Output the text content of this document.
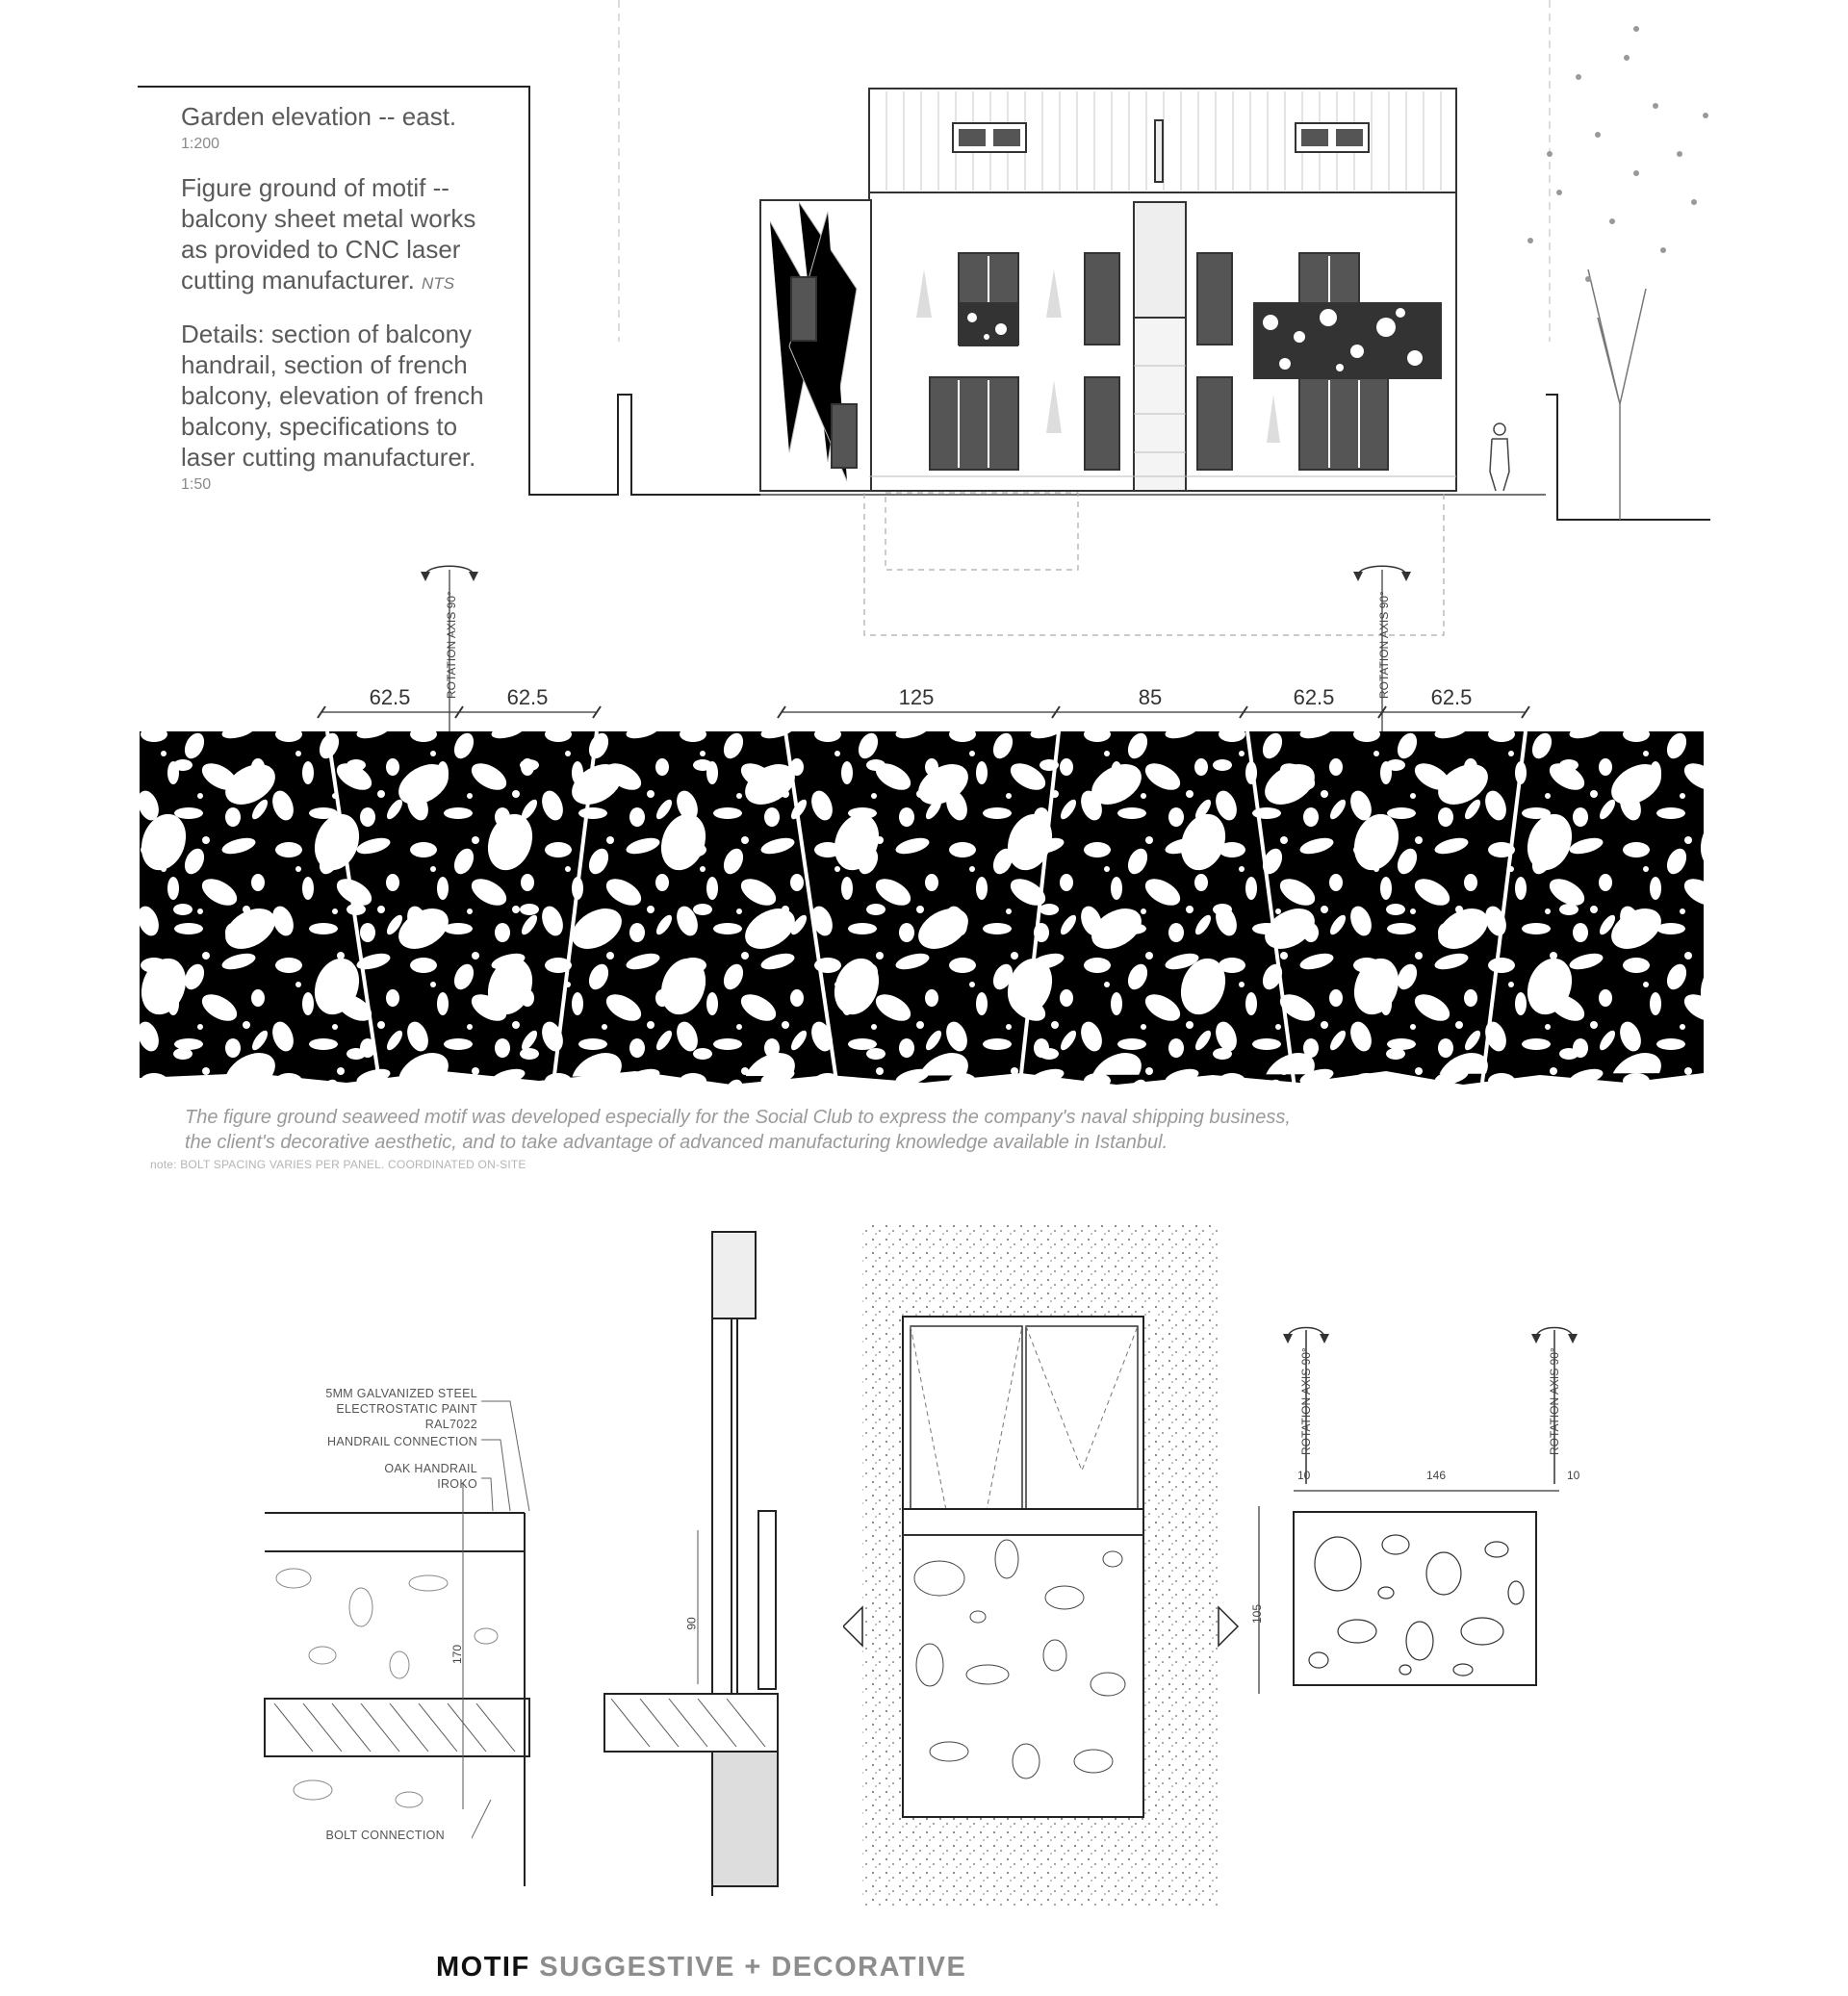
Garden elevation -- east.

1:200

Figure ground of motif --

balcony sheet metal works

as provided to CNC laser

cutting manufacturer. NTS

Details: section of balcony

handrail, section of french

balcony, elevation of french

balcony, specifications to

laser cutting manufacturer.

1:50
ROTATION AXIS 90°
ROTATION AXIS 90°
62.5	62.5	125	85	62.5	62.5
The figure ground seaweed motif was developed especially for the Social Club to express the company's naval shipping business,
the client's decorative aesthetic, and to take advantage of advanced manufacturing knowledge available in Istanbul.
note: BOLT SPACING VARIES PER PANEL. COORDINATED ON-SITE
5MM GALVANIZED STEEL
ELECTROSTATIC PAINT
RAL7022
HANDRAIL CONNECTION
OAK HANDRAIL
IROKO
BOLT CONNECTION
170
90
ROTATION AXIS 90°
ROTATION AXIS 90°
10	146	10
105
MOTIF SUGGESTIVE + DECORATIVE
